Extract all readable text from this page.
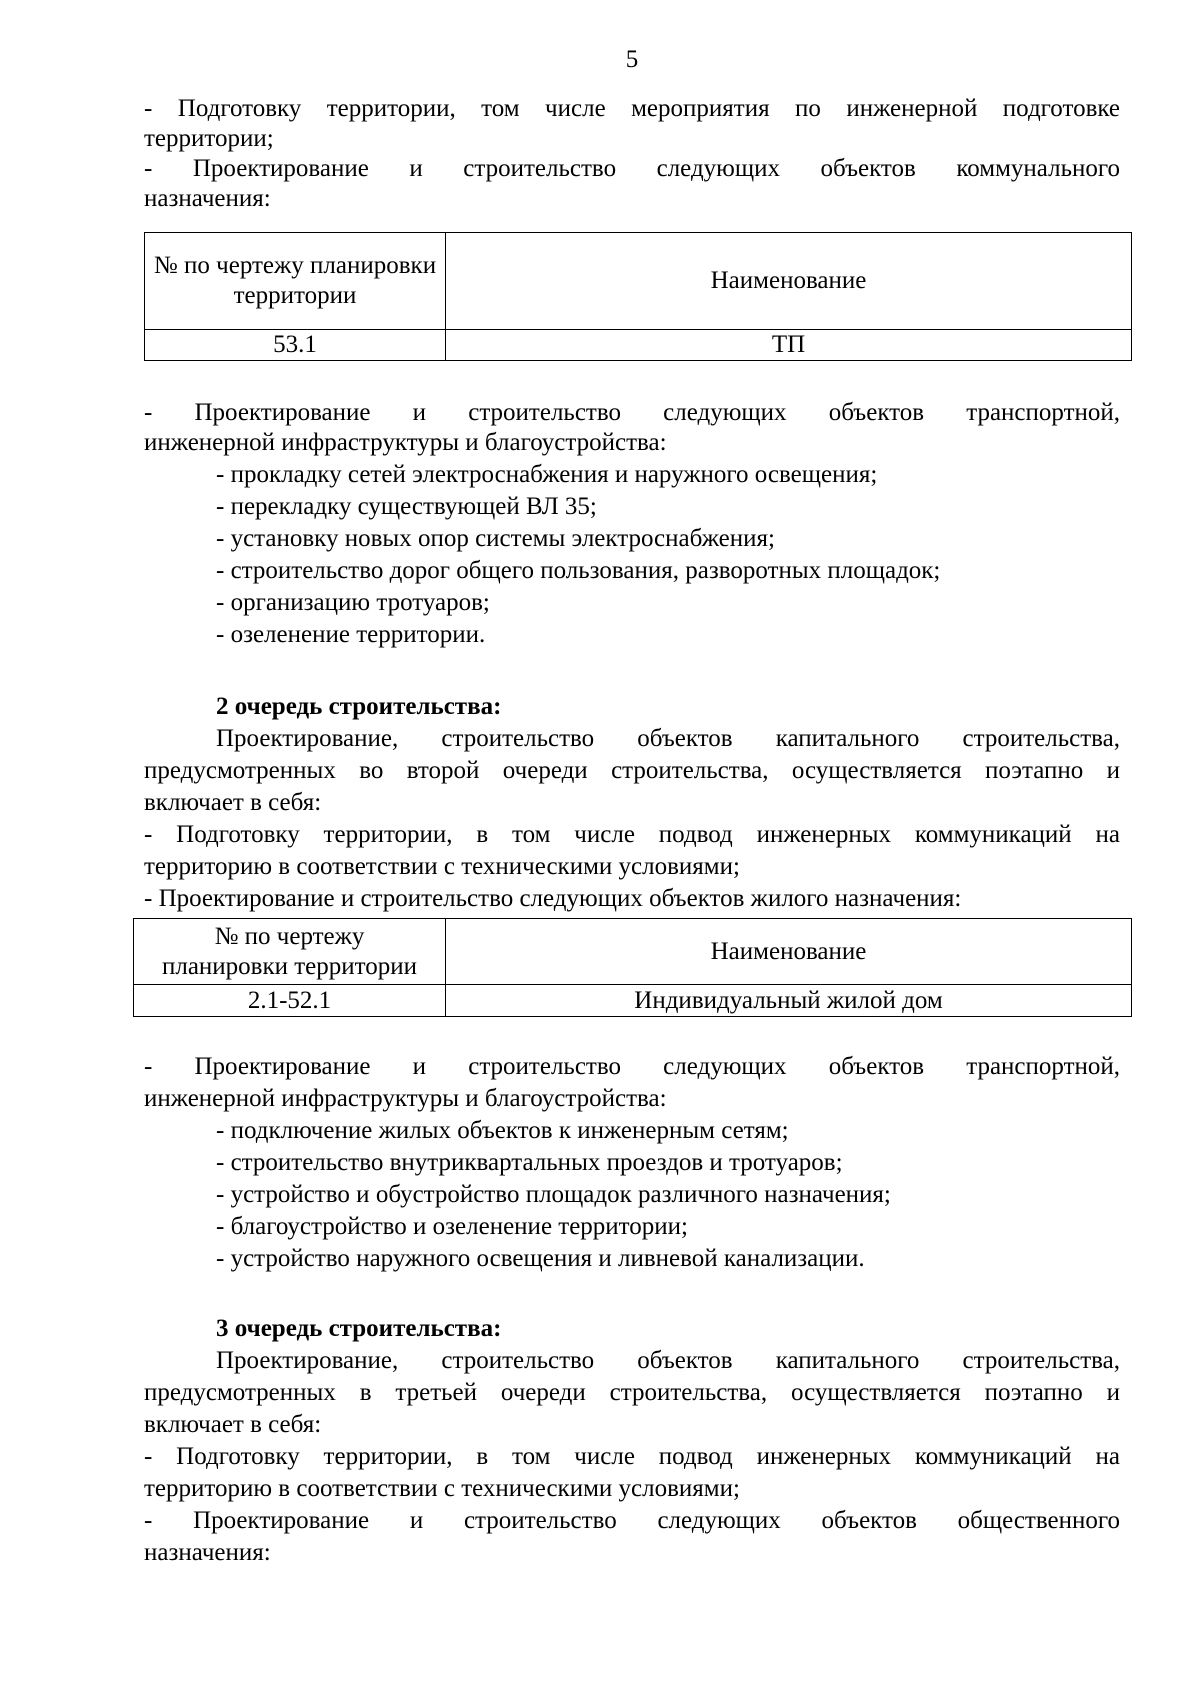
5

- Подготовку территории, том числе мероприятия по инженерной подготовке

территории;

- Проектирование и строительство следующих объектов коммунального

назначения:

№ по чертежу планировки территории	Наименование
53.1	ТП

- Проектирование и строительство следующих объектов транспортной,

инженерной инфраструктуры и благоустройства:

- прокладку сетей электроснабжения и наружного освещения;

- перекладку существующей ВЛ 35;

- установку новых опор системы электроснабжения;

- строительство дорог общего пользования, разворотных площадок;

- организацию тротуаров;

- озеленение территории.

2 очередь строительства:

Проектирование, строительство объектов капитального строительства,

предусмотренных во второй очереди строительства, осуществляется поэтапно и

включает в себя:

- Подготовку территории, в том числе подвод инженерных коммуникаций на

территорию в соответствии с техническими условиями;

- Проектирование и строительство следующих объектов жилого назначения:

№ по чертежу
планировки территории	Наименование
2.1-52.1	Индивидуальный жилой дом

- Проектирование и строительство следующих объектов транспортной,

инженерной инфраструктуры и благоустройства:

- подключение жилых объектов к инженерным сетям;

- строительство внутриквартальных проездов и тротуаров;

- устройство и обустройство площадок различного назначения;

- благоустройство и озеленение территории;

- устройство наружного освещения и ливневой канализации.

3 очередь строительства:

Проектирование, строительство объектов капитального строительства,

предусмотренных в третьей очереди строительства, осуществляется поэтапно и

включает в себя:

- Подготовку территории, в том числе подвод инженерных коммуникаций на

территорию в соответствии с техническими условиями;

- Проектирование и строительство следующих объектов общественного

назначения:
